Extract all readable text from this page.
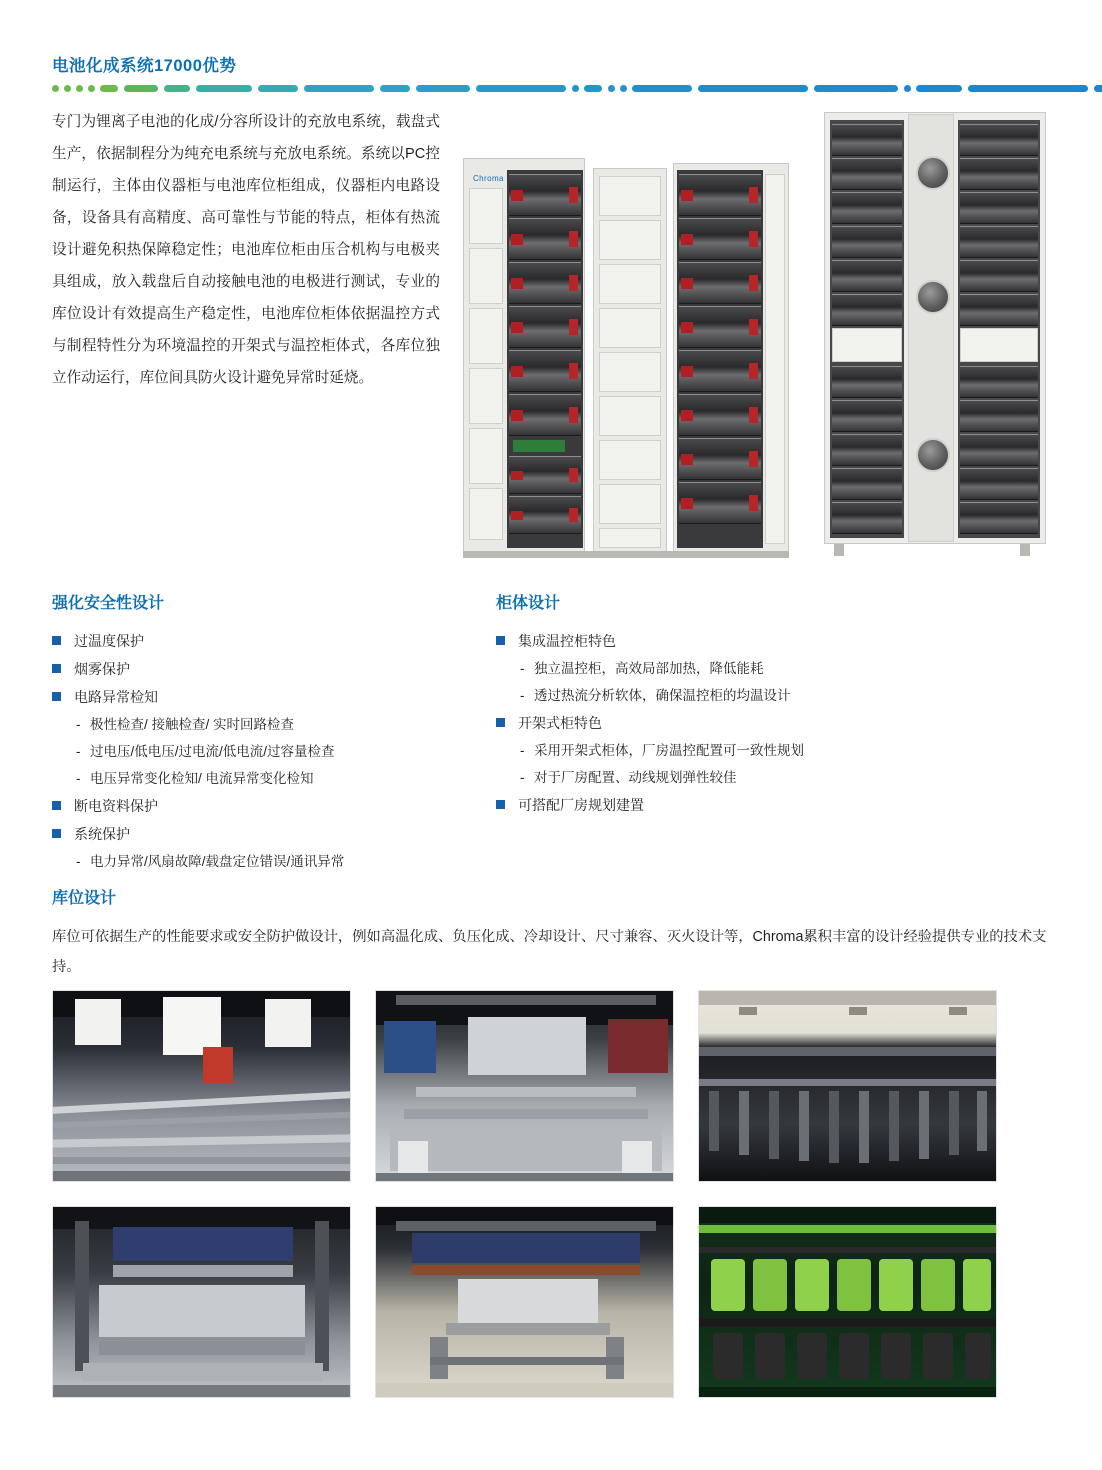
电池化成系统17000优势
专门为锂离子电池的化成/分容所设计的充放电系统，载盘式生产，依据制程分为纯充电系统与充放电系统。系统以PC控制运行，主体由仪器柜与电池库位柜组成，仪器柜内电路设备，设备具有高精度、高可靠性与节能的特点，柜体有热流设计避免积热保障稳定性；电池库位柜由压合机构与电极夹具组成，放入载盘后自动接触电池的电极进行测试，专业的库位设计有效提高生产稳定性，电池库位柜体依据温控方式与制程特性分为环境温控的开架式与温控柜体式，各库位独立作动运行，库位间具防火设计避免异常时延烧。
Chroma
强化安全性设计
过温度保护
烟雾保护
电路异常检知
- 极性检查/ 接触检查/ 实时回路检查
- 过电压/低电压/过电流/低电流/过容量检查
- 电压异常变化检知/ 电流异常变化检知
断电资料保护
系统保护
- 电力异常/风扇故障/载盘定位错误/通讯异常
柜体设计
集成温控柜特色
- 独立温控柜，高效局部加热，降低能耗
- 透过热流分析软体，确保温控柜的均温设计
开架式柜特色
- 采用开架式柜体，厂房温控配置可一致性规划
- 对于厂房配置、动线规划弹性较佳
可搭配厂房规划建置
库位设计

库位可依据生产的性能要求或安全防护做设计，例如高温化成、负压化成、冷却设计、尺寸兼容、灭火设计等，Chroma累积丰富的设计经验提供专业的技术支持。
